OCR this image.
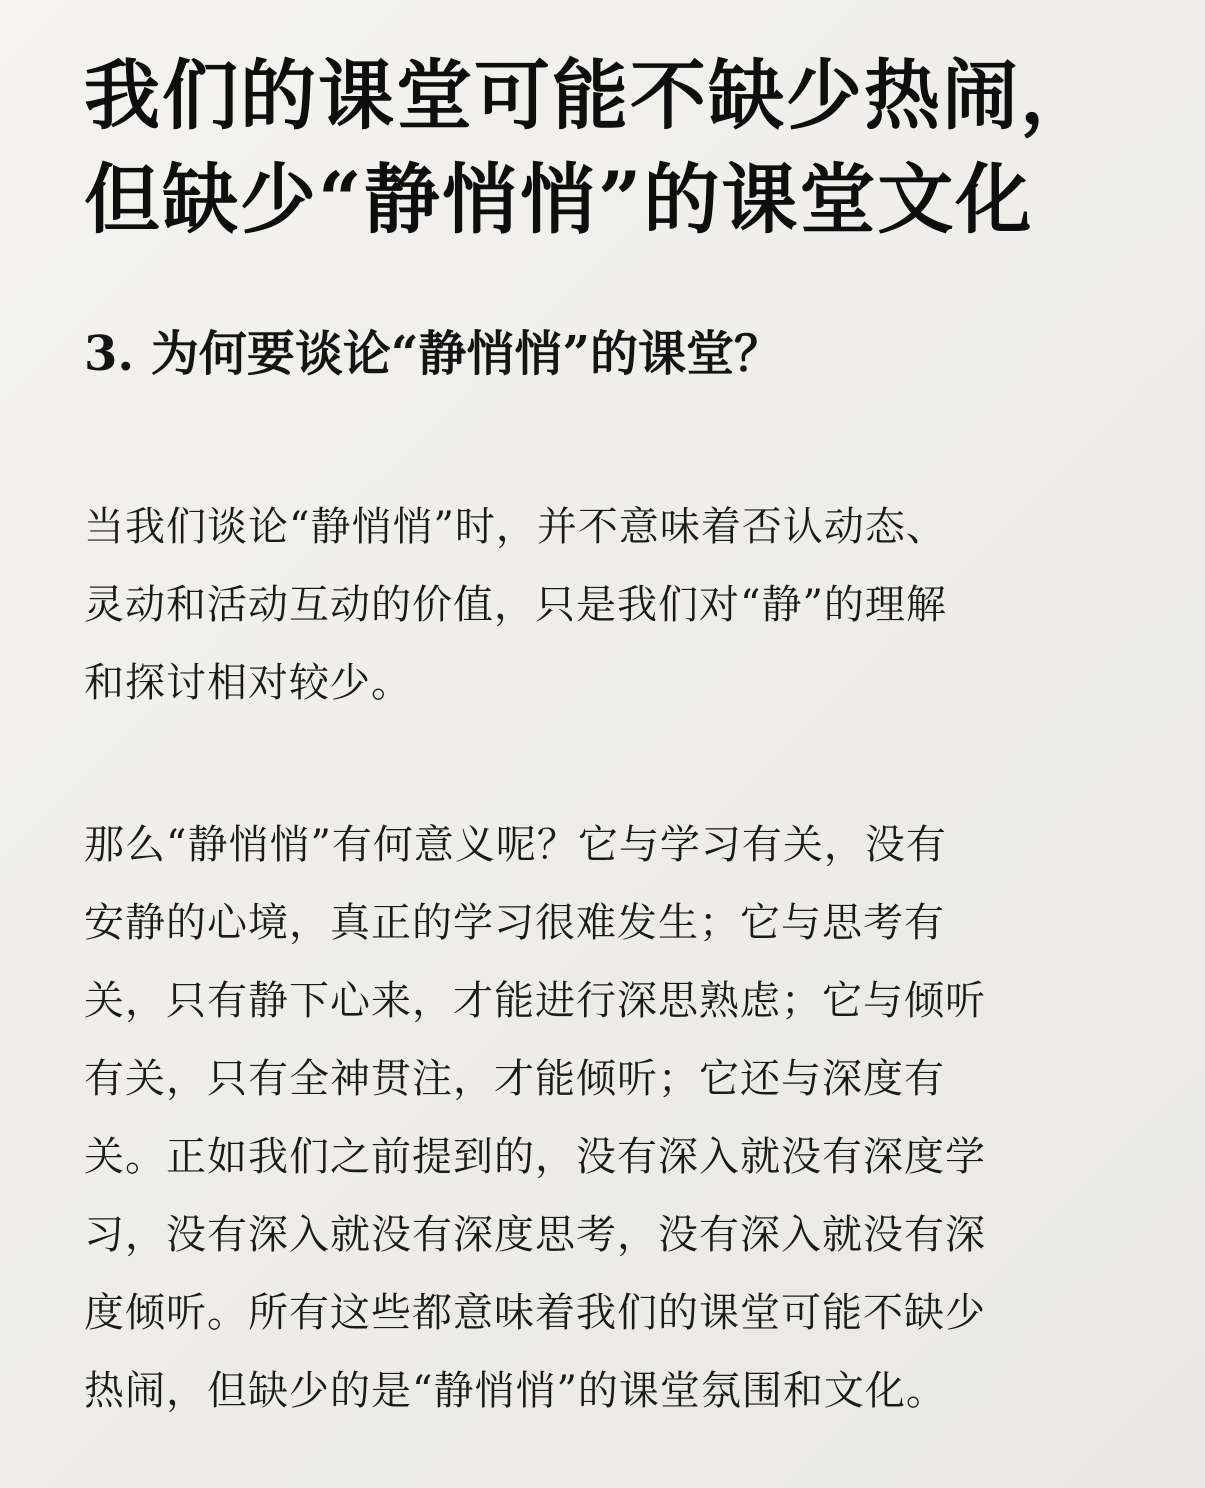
我们的课堂可能不缺少热闹，
但缺少“静悄悄”的课堂文化
3. 为何要谈论“静悄悄”的课堂？

当我们谈论“静悄悄”时，并不意味着否认动态、
灵动和活动互动的价值，只是我们对“静”的理解
和探讨相对较少。

那么“静悄悄”有何意义呢？它与学习有关，没有
安静的心境，真正的学习很难发生；它与思考有
关，只有静下心来，才能进行深思熟虑；它与倾听
有关，只有全神贯注，才能倾听；它还与深度有
关。正如我们之前提到的，没有深入就没有深度学
习，没有深入就没有深度思考，没有深入就没有深
度倾听。所有这些都意味着我们的课堂可能不缺少
热闹，但缺少的是“静悄悄”的课堂氛围和文化。
